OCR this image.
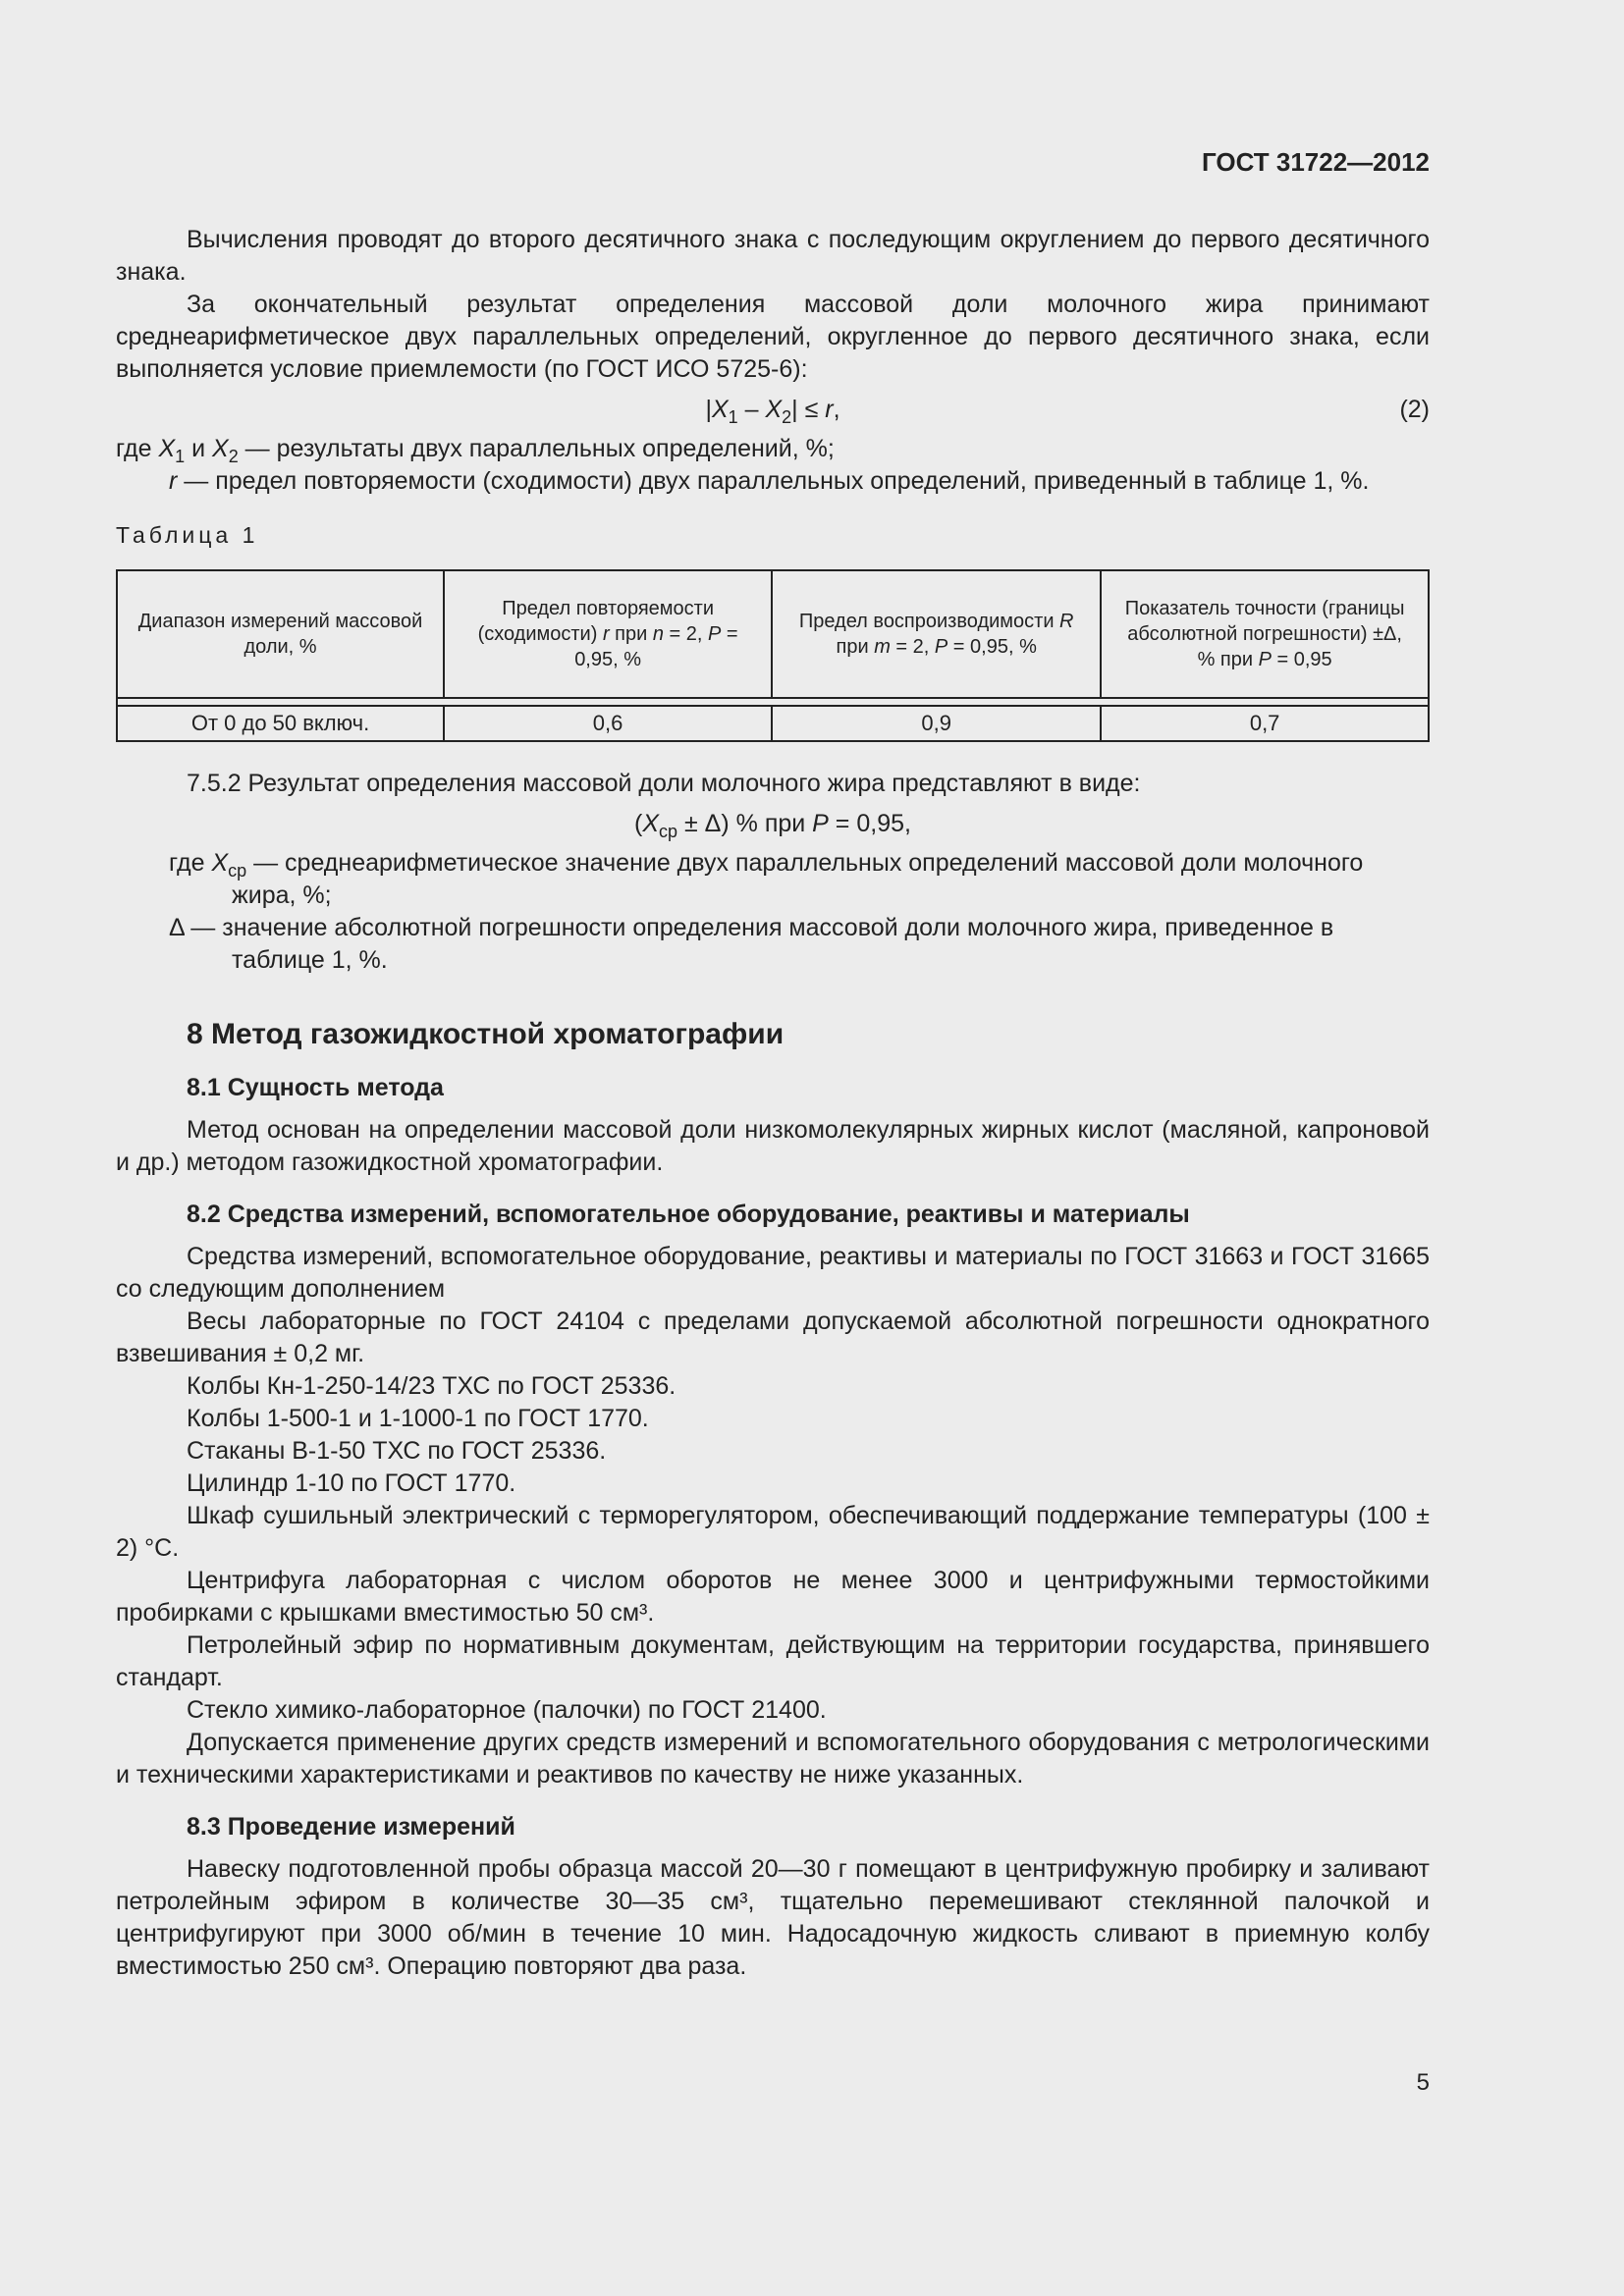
ГОСТ 31722—2012

Вычисления проводят до второго десятичного знака с последующим округлением до первого десятичного знака.

За окончательный результат определения массовой доли молочного жира принимают среднеарифметическое двух параллельных определений, округленное до первого десятичного знака, если выполняется условие приемлемости (по ГОСТ ИСО 5725-6):

$|X_1 - X_2| \le r$,	(2)

где $X_1$ и $X_2$ — результаты двух параллельных определений, %;

r — предел повторяемости (сходимости) двух параллельных определений, приведенный в таблице 1, %.

Таблица 1
Диапазон измерений массовой доли, %	Предел повторяемости (сходимости) r при n = 2, P = 0,95, %	Предел воспроизводимости R при m = 2, P = 0,95, %	Показатель точности (границы абсолютной погрешности) ±Δ, % при P = 0,95

От 0 до 50 включ.	0,6	0,9	0,7

7.5.2 Результат определения массовой доли молочного жира представляют в виде:

$(X_{ср} \pm \Delta)$ % при P = 0,95,

где $X_{ср}$ — среднеарифметическое значение двух параллельных определений массовой доли молочного жира, %;

Δ — значение абсолютной погрешности определения массовой доли молочного жира, приведенное в таблице 1, %.

8 Метод газожидкостной хроматографии
8.1 Сущность метода

Метод основан на определении массовой доли низкомолекулярных жирных кислот (масляной, капроновой и др.) методом газожидкостной хроматографии.

8.2 Средства измерений, вспомогательное оборудование, реактивы и материалы

Средства измерений, вспомогательное оборудование, реактивы и материалы по ГОСТ 31663 и ГОСТ 31665 со следующим дополнением

Весы лабораторные по ГОСТ 24104 с пределами допускаемой абсолютной погрешности однократного взвешивания ± 0,2 мг.

Колбы Кн-1-250-14/23 ТХС по ГОСТ 25336.

Колбы 1-500-1 и 1-1000-1 по ГОСТ 1770.

Стаканы В-1-50 ТХС по ГОСТ 25336.

Цилиндр 1-10 по ГОСТ 1770.

Шкаф сушильный электрический с терморегулятором, обеспечивающий поддержание температуры (100 ± 2) °С.

Центрифуга лабораторная с числом оборотов не менее 3000 и центрифужными термостойкими пробирками с крышками вместимостью 50 см³.

Петролейный эфир по нормативным документам, действующим на территории государства, принявшего стандарт.

Стекло химико-лабораторное (палочки) по ГОСТ 21400.

Допускается применение других средств измерений и вспомогательного оборудования с метрологическими и техническими характеристиками и реактивов по качеству не ниже указанных.

8.3 Проведение измерений

Навеску подготовленной пробы образца массой 20—30 г помещают в центрифужную пробирку и заливают петролейным эфиром в количестве 30—35 см³, тщательно перемешивают стеклянной палочкой и центрифугируют при 3000 об/мин в течение 10 мин. Надосадочную жидкость сливают в приемную колбу вместимостью 250 см³. Операцию повторяют два раза.

5
